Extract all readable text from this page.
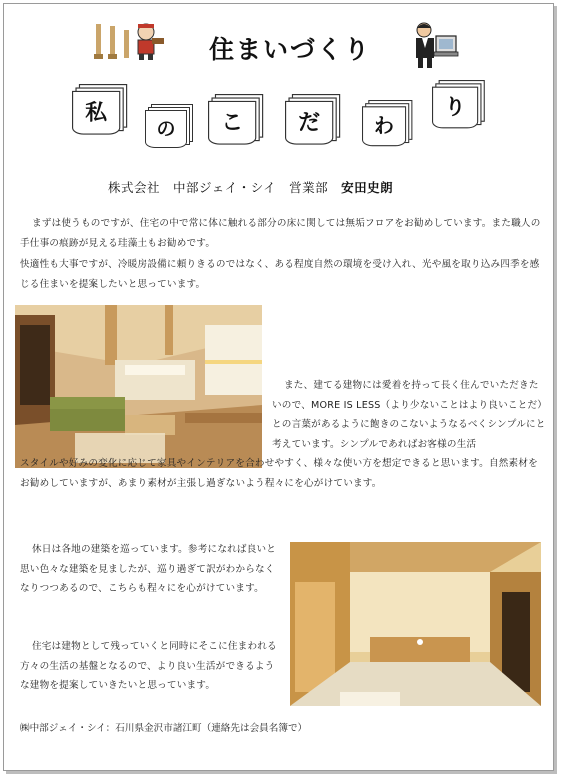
住まいづくり
私
の	こ	だ	わ
り
株式会社　中部ジェイ・シイ　営業部　 安田史朗
まずは使うものですが、住宅の中で常に体に触れる部分の床に関しては無垢フロアをお勧めしています。また職人の手仕事の痕跡が見える珪藻土もお勧めです。
快適性も大事ですが、冷暖房設備に頼りきるのではなく、ある程度自然の環境を受け入れ、光や風を取り込み四季を感じる住まいを提案したいと思っています。
また、建てる建物には愛着を持って長く住んでいただきたいので、MORE IS LESS（より少ないことはより良いことだ）との言葉があるように飽きのこないようなるべくシンプルにと考えています。シンプルであればお客様の生活
スタイルや好みの変化に応じて家具やインテリアを合わせやすく、様々な使い方を想定できると思います。自然素材をお勧めしていますが、あまり素材が主張し過ぎないよう程々にを心がけています。
休日は各地の建築を巡っています。参考になれば良いと思い色々な建築を見ましたが、巡り過ぎて訳がわからなくなりつつあるので、こちらも程々にを心がけています。
住宅は建物として残っていくと同時にそこに住まわれる方々の生活の基盤となるので、より良い生活ができるような建物を提案していきたいと思っています。
㈱中部ジェイ・シイ：石川県金沢市諸江町（連絡先は会員名簿で）
